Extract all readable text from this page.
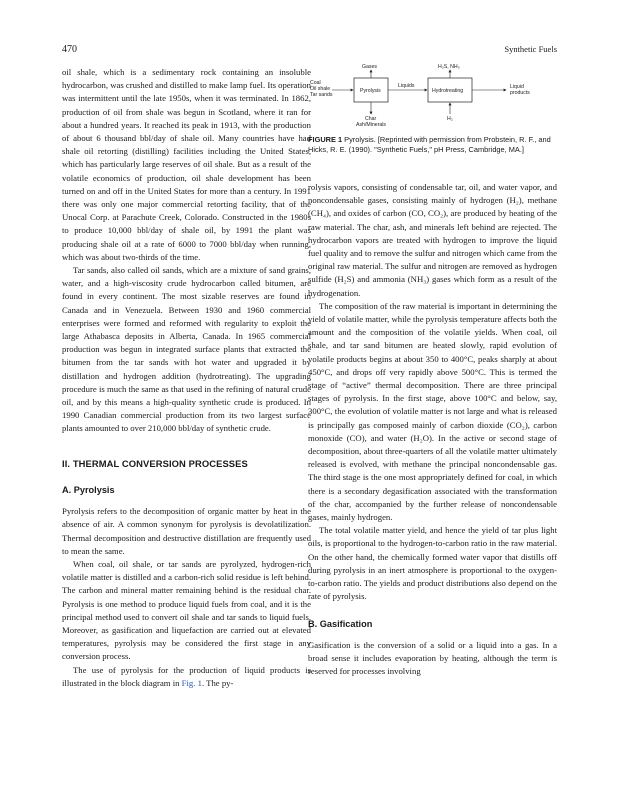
470	Synthetic Fuels

oil shale, which is a sedimentary rock containing an insoluble hydrocarbon, was crushed and distilled to make lamp fuel. Its operation was intermittent until the late 1950s, when it was terminated. In 1862, production of oil from shale was begun in Scotland, where it ran for about a hundred years. It reached its peak in 1913, with the production of about 6 thousand bbl/day of shale oil. Many countries have had shale oil retorting (distilling) facilities including the United States, which has particularly large reserves of oil shale. But as a result of the volatile economics of production, oil shale development has been turned on and off in the United States for more than a century. In 1991 there was only one major commercial retorting facility, that of the Unocal Corp. at Parachute Creek, Colorado. Constructed in the 1980s to produce 10,000 bbl/day of shale oil, by 1991 the plant was producing shale oil at a rate of 6000 to 7000 bbl/day when running, which was about two-thirds of the time.

Tar sands, also called oil sands, which are a mixture of sand grains, water, and a high-viscosity crude hydrocarbon called bitumen, are found in every continent. The most sizable reserves are found in Canada and in Venezuela. Between 1930 and 1960 commercial enterprises were formed and reformed with regularity to exploit the large Athabasca deposits in Alberta, Canada. In 1965 commercial production was begun in integrated surface plants that extracted the bitumen from the tar sands with hot water and upgraded it by distillation and hydrogen addition (hydrotreating). The upgrading procedure is much the same as that used in the refining of natural crude oil, and by this means a high-quality synthetic crude is produced. In 1990 Canadian commercial production from its two largest surface plants amounted to over 210,000 bbl/day of synthetic crude.

II. THERMAL CONVERSION PROCESSES
A. Pyrolysis

Pyrolysis refers to the decomposition of organic matter by heat in the absence of air. A common synonym for pyrolysis is devolatilization. Thermal decomposition and destructive distillation are frequently used to mean the same.

When coal, oil shale, or tar sands are pyrolyzed, hydrogen-rich volatile matter is distilled and a carbon-rich solid residue is left behind. The carbon and mineral matter remaining behind is the residual char. Pyrolysis is one method to produce liquid fuels from coal, and it is the principal method used to convert oil shale and tar sands to liquid fuels. Moreover, as gasification and liquefaction are carried out at elevated temperatures, pyrolysis may be considered the first stage in any conversion process.

The use of pyrolysis for the production of liquid products is illustrated in the block diagram in Fig. 1. The py-

Coal
Oil shale
Tar sands
Pyrolysis
Gases
Char
Ash/Minerals
Liquids
Hydrotreating
H₂S, NH₃
H₂
Liquid
products
FIGURE 1 Pyrolysis. [Reprinted with permission from Probstein, R. F., and Hicks, R. E. (1990). "Synthetic Fuels," pH Press, Cambridge, MA.]

rolysis vapors, consisting of condensable tar, oil, and water vapor, and noncondensable gases, consisting mainly of hydrogen (H₂), methane (CH₄), and oxides of carbon (CO, CO₂), are produced by heating of the raw material. The char, ash, and minerals left behind are rejected. The hydrocarbon vapors are treated with hydrogen to improve the liquid fuel quality and to remove the sulfur and nitrogen which came from the original raw material. The sulfur and nitrogen are removed as hydrogen sulfide (H₂S) and ammonia (NH₃) gases which form as a result of the hydrogenation.

The composition of the raw material is important in determining the yield of volatile matter, while the pyrolysis temperature affects both the amount and the composition of the volatile yields. When coal, oil shale, and tar sand bitumen are heated slowly, rapid evolution of volatile products begins at about 350 to 400°C, peaks sharply at about 450°C, and drops off very rapidly above 500°C. This is termed the stage of “active” thermal decomposition. There are three principal stages of pyrolysis. In the first stage, above 100°C and below, say, 300°C, the evolution of volatile matter is not large and what is released is principally gas composed mainly of carbon dioxide (CO₂), carbon monoxide (CO), and water (H₂O). In the active or second stage of decomposition, about three-quarters of all the volatile matter ultimately released is evolved, with methane the principal noncondensable gas. The third stage is the one most appropriately defined for coal, in which there is a secondary degasification associated with the transformation of the char, accompanied by the further release of noncondensable gases, mainly hydrogen.

The total volatile matter yield, and hence the yield of tar plus light oils, is proportional to the hydrogen-to-carbon ratio in the raw material. On the other hand, the chemically formed water vapor that distills off during pyrolysis in an inert atmosphere is proportional to the oxygen-to-carbon ratio. The yields and product distributions also depend on the rate of pyrolysis.

B. Gasification

Gasification is the conversion of a solid or a liquid into a gas. In a broad sense it includes evaporation by heating, although the term is reserved for processes involving
